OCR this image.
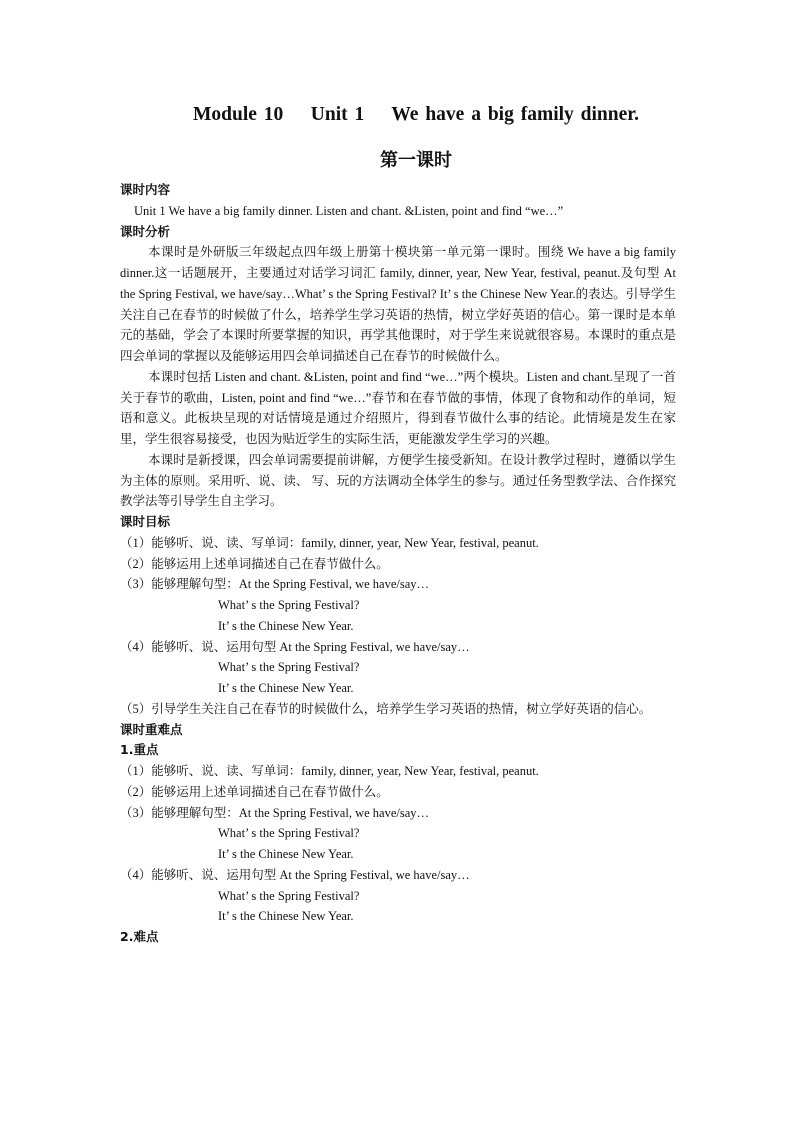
Module 10    Unit 1    We have a big family dinner.
第一课时

课时内容

Unit 1 We have a big family dinner. Listen and chant. &Listen, point and find “we…”

课时分析

本课时是外研版三年级起点四年级上册第十模块第一单元第一课时。围绕 We have a big family dinner.这一话题展开，主要通过对话学习词汇 family, dinner, year, New Year, festival, peanut.及句型 At the Spring Festival, we have/say…What’ s the Spring Festival? It’ s the Chinese New Year.的表达。引导学生关注自己在春节的时候做了什么，培养学生学习英语的热情，树立学好英语的信心。第一课时是本单元的基础，学会了本课时所要掌握的知识，再学其他课时，对于学生来说就很容易。本课时的重点是四会单词的掌握以及能够运用四会单词描述自己在春节的时候做什么。

本课时包括 Listen and chant. &Listen, point and find “we…”两个模块。Listen and chant.呈现了一首关于春节的歌曲，Listen, point and find “we…”春节和在春节做的事情，体现了食物和动作的单词，短语和意义。此板块呈现的对话情境是通过介绍照片，得到春节做什么事的结论。此情境是发生在家里，学生很容易接受，也因为贴近学生的实际生活，更能激发学生学习的兴趣。

本课时是新授课，四会单词需要提前讲解，方便学生接受新知。在设计教学过程时，遵循以学生为主体的原则。采用听、说、读、 写、玩的方法调动全体学生的参与。通过任务型教学法、合作探究教学法等引导学生自主学习。

课时目标

（1）能够听、说、读、写单词：family, dinner, year, New Year, festival, peanut.

（2）能够运用上述单词描述自己在春节做什么。

（3）能够理解句型：At the Spring Festival, we have/say…

What’ s the Spring Festival?

It’ s the Chinese New Year.

（4）能够听、说、运用句型 At the Spring Festival, we have/say…

What’ s the Spring Festival?

It’ s the Chinese New Year.

（5）引导学生关注自己在春节的时候做什么，培养学生学习英语的热情，树立学好英语的信心。

课时重难点

1.重点

（1）能够听、说、读、写单词：family, dinner, year, New Year, festival, peanut.

（2）能够运用上述单词描述自己在春节做什么。

（3）能够理解句型：At the Spring Festival, we have/say…

What’ s the Spring Festival?

It’ s the Chinese New Year.

（4）能够听、说、运用句型 At the Spring Festival, we have/say…

What’ s the Spring Festival?

It’ s the Chinese New Year.

2.难点
